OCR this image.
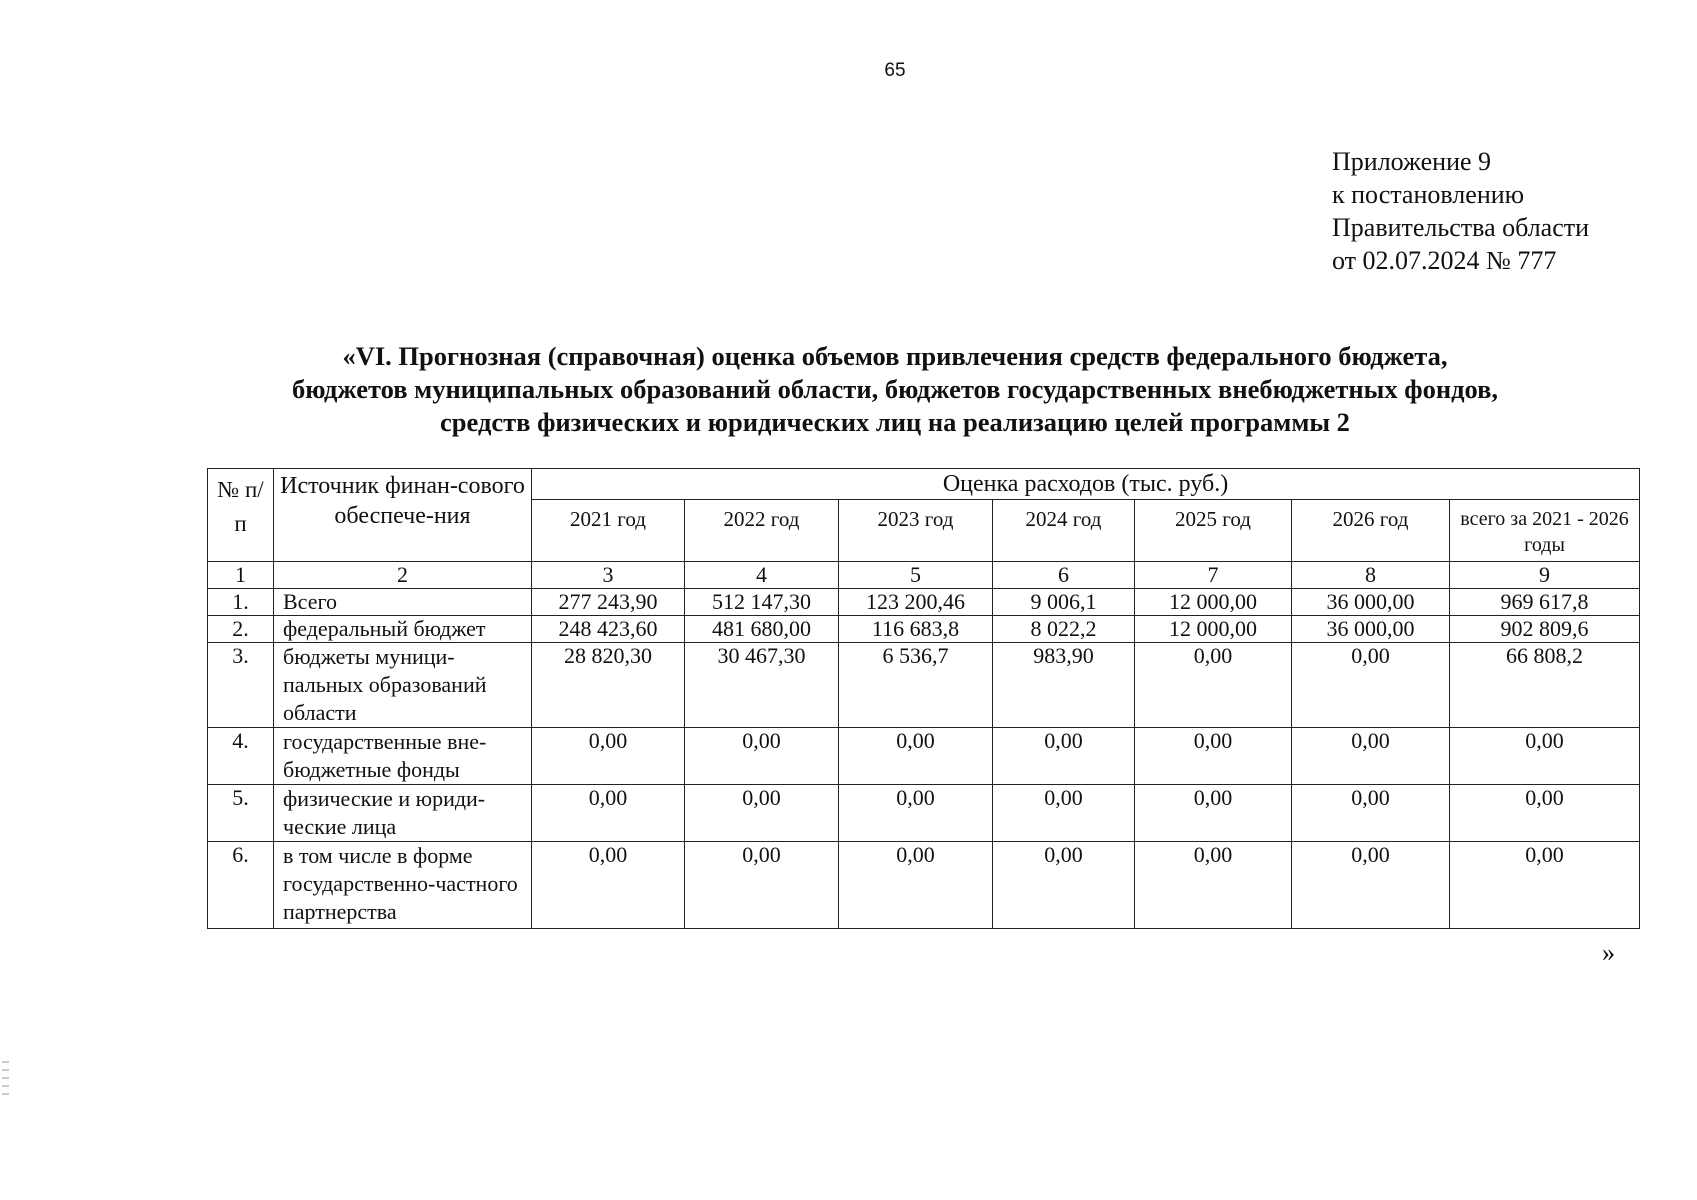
65
Приложение 9
к постановлению
Правительства области
от 02.07.2024 № 777
«VI. Прогнозная (справочная) оценка объемов привлечения средств федерального бюджета,
бюджетов муниципальных образований области, бюджетов государственных внебюджетных фондов,
средств физических и юридических лиц на реализацию целей программы 2
№ п/п	Источник финан-сового обеспече-ния	Оценка расходов (тыс. руб.)						
		2021 год	2022 год	2023 год	2024 год	2025 год	2026 год	всего за 2021 - 2026 годы
1	2	3	4	5	6	7	8	9
1.	Всего	277 243,90	512 147,30	123 200,46	9 006,1	12 000,00	36 000,00	969 617,8
2.	федеральный бюджет	248 423,60	481 680,00	116 683,8	8 022,2	12 000,00	36 000,00	902 809,6
3.	бюджеты муници-пальных образований области	28 820,30	30 467,30	6 536,7	983,90	0,00	0,00	66 808,2
4.	государственные вне-бюджетные фонды	0,00	0,00	0,00	0,00	0,00	0,00	0,00
5.	физические и юриди-ческие лица	0,00	0,00	0,00	0,00	0,00	0,00	0,00
6.	в том числе в форме государственно-частного партнерства	0,00	0,00	0,00	0,00	0,00	0,00	0,00
»
